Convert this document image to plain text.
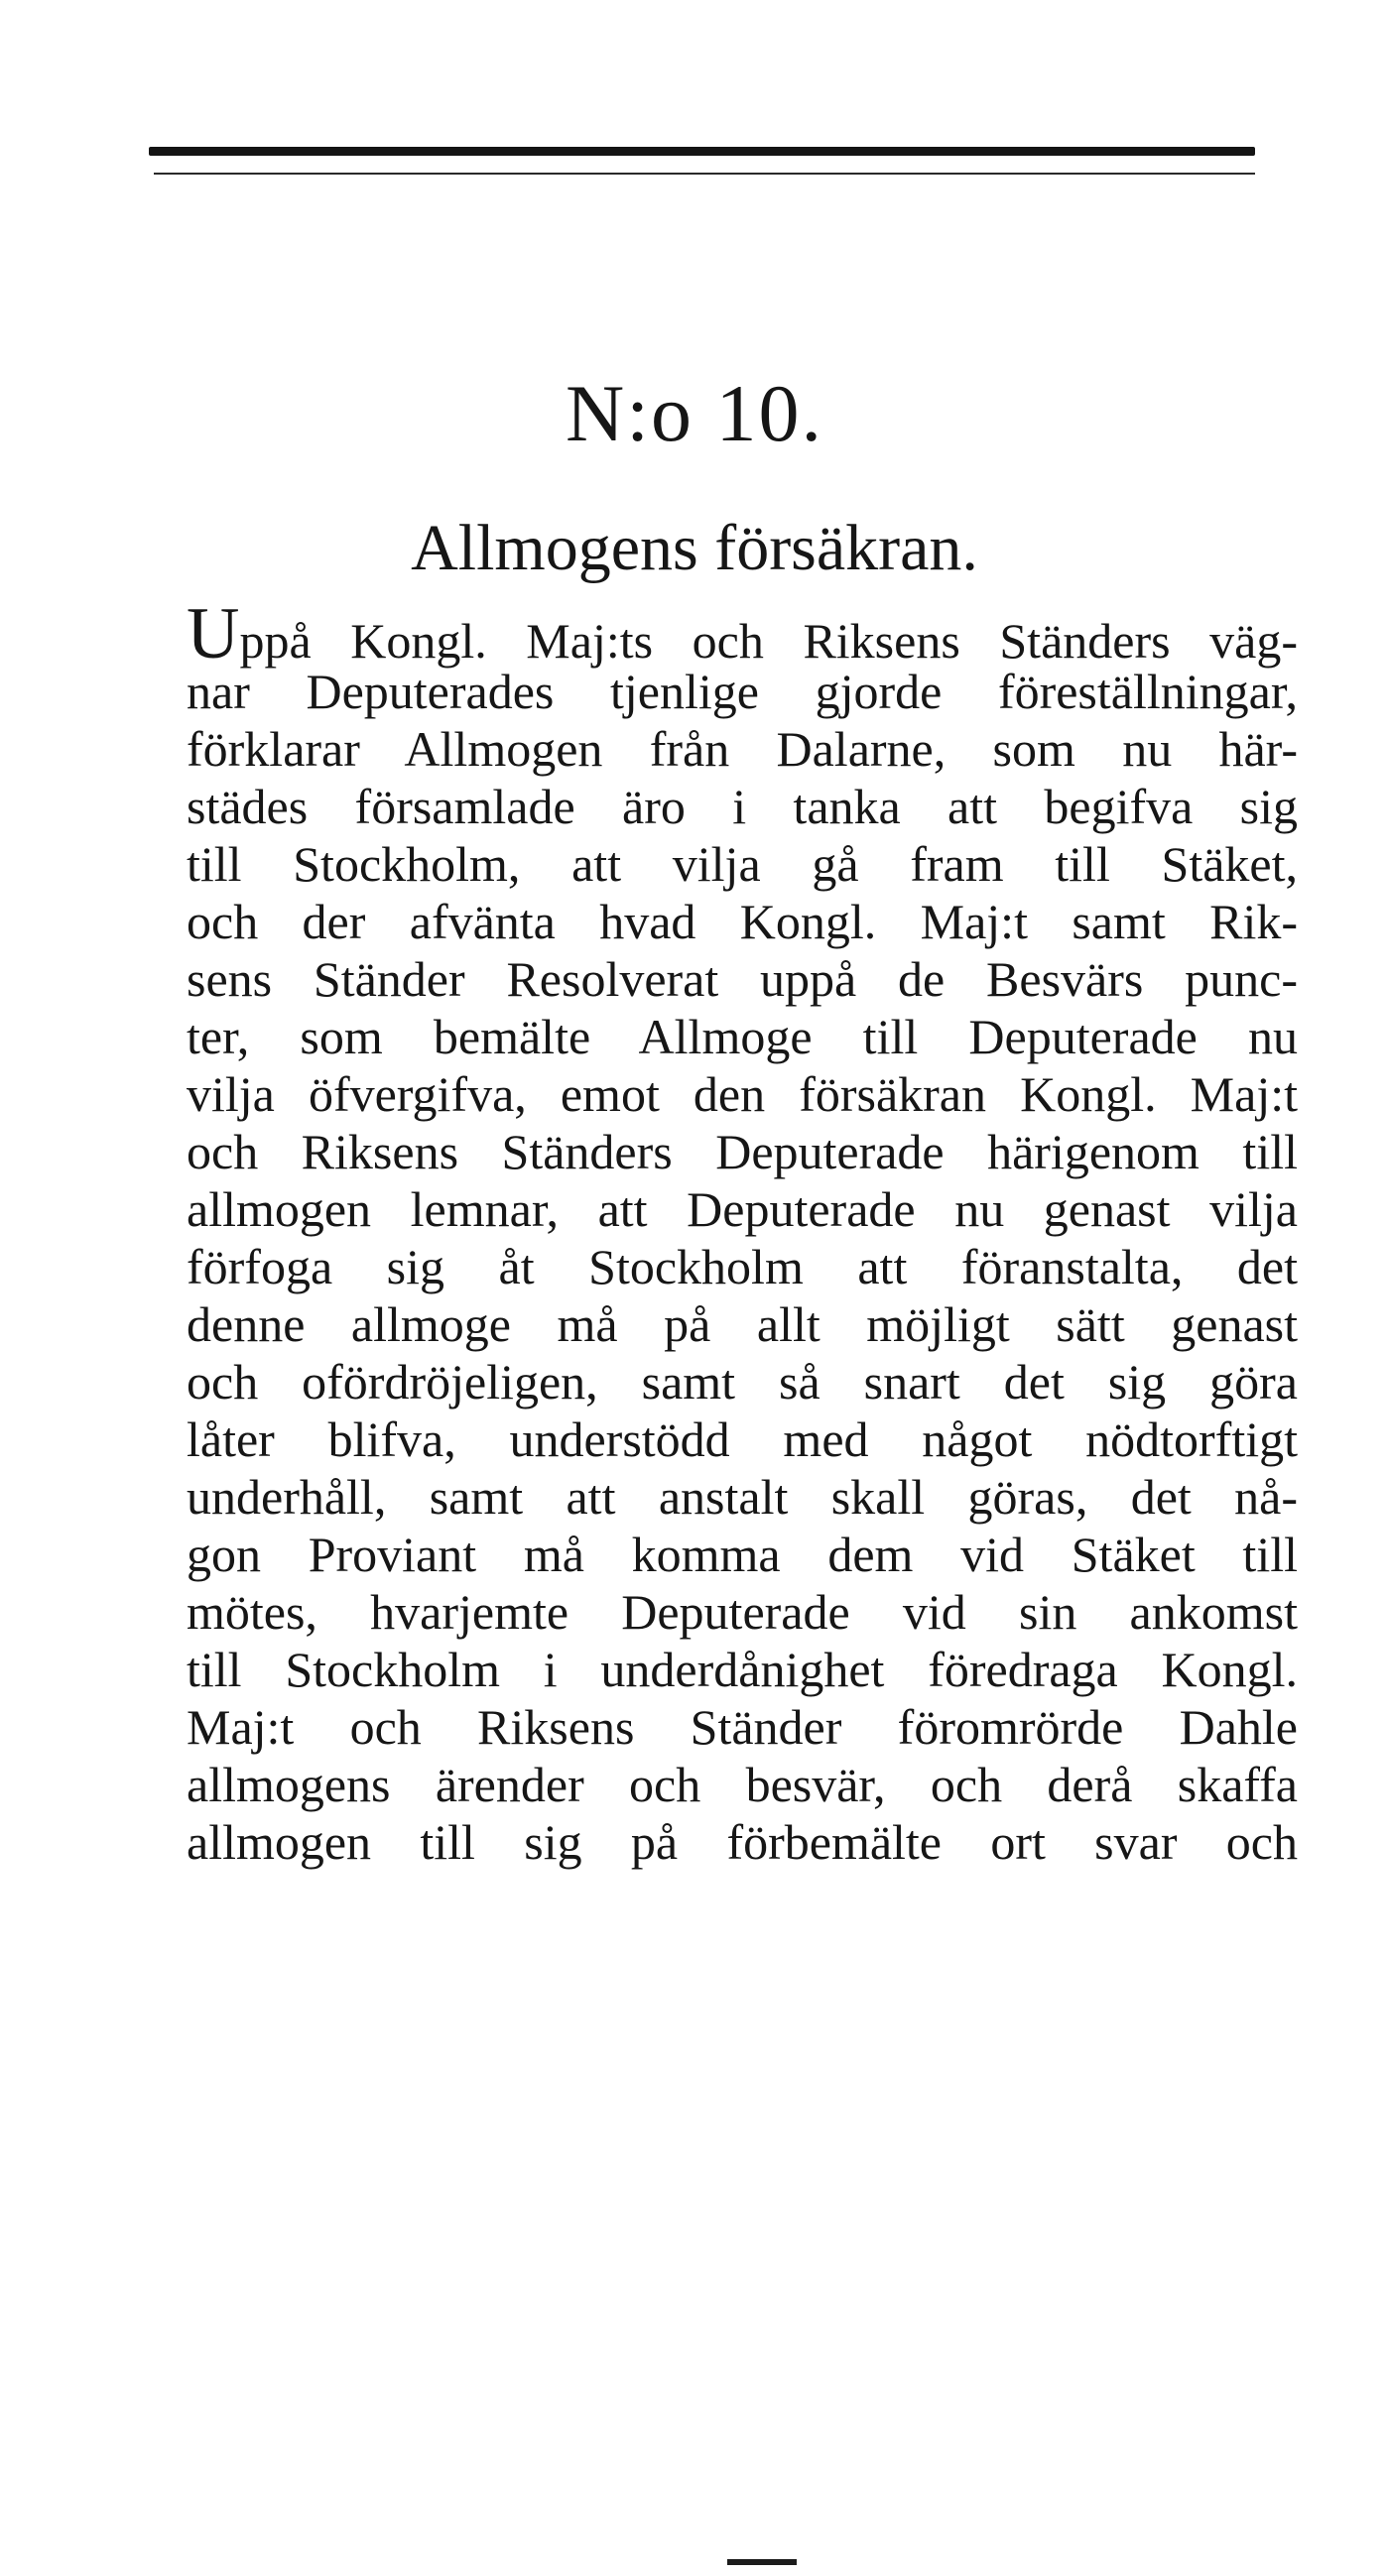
N:o 10.
Allmogens försäkran.
Uppå Kongl. Maj:ts och Riksens Ständers väg-
nar Deputerades tjenlige gjorde föreställningar,
förklarar Allmogen från Dalarne, som nu här-
städes församlade äro i tanka att begifva sig
till Stockholm, att vilja gå fram till Stäket,
och der afvänta hvad Kongl. Maj:t samt Rik-
sens Ständer Resolverat uppå de Besvärs punc-
ter, som bemälte Allmoge till Deputerade nu
vilja öfvergifva, emot den försäkran Kongl. Maj:t
och Riksens Ständers Deputerade härigenom till
allmogen lemnar, att Deputerade nu genast vilja
förfoga sig åt Stockholm att föranstalta, det
denne allmoge må på allt möjligt sätt genast
och ofördröjeligen, samt så snart det sig göra
låter blifva, understödd med något nödtorftigt
underhåll, samt att anstalt skall göras, det nå-
gon Proviant må komma dem vid Stäket till
mötes, hvarjemte Deputerade vid sin ankomst
till Stockholm i underdånighet föredraga Kongl.
Maj:t och Riksens Ständer föromrörde Dahle
allmogens ärender och besvär, och derå skaffa
allmogen till sig på förbemälte ort svar och
